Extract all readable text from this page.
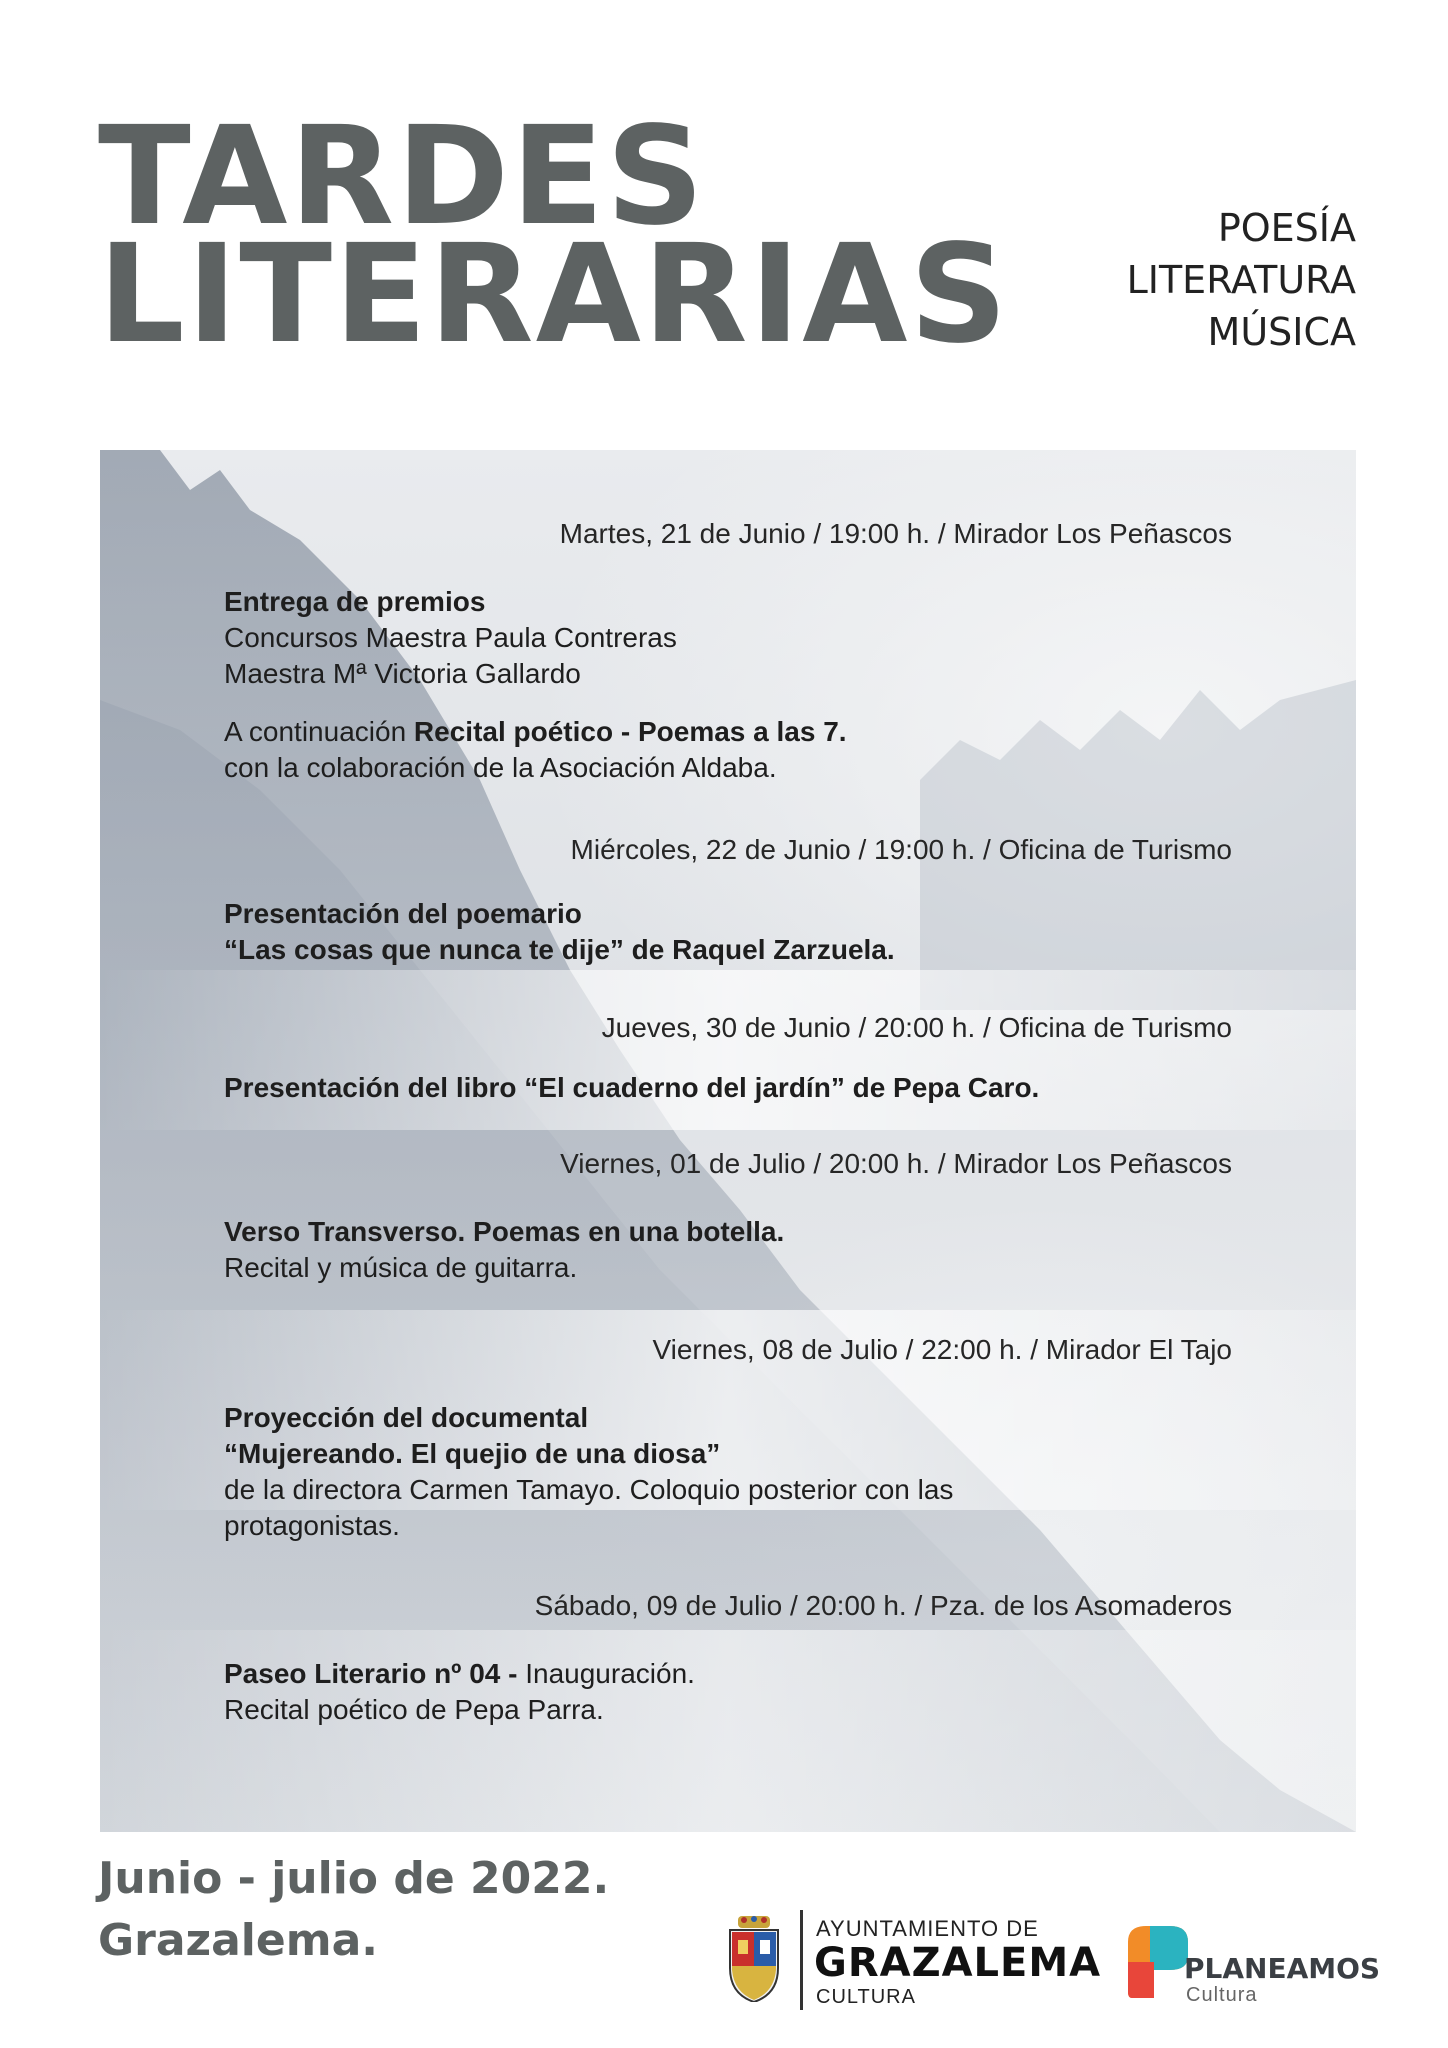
TARDES
LITERARIAS	POESÍA
LITERATURA
MÚSICA
Martes, 21 de Junio / 19:00 h. / Mirador Los Peñascos

Entrega de premios

Concursos Maestra Paula Contreras

Maestra Mª Victoria Gallardo

A continuación Recital poético - Poemas a las 7.

con la colaboración de la Asociación Aldaba.

Miércoles, 22 de Junio / 19:00 h. / Oficina de Turismo

Presentación del poemario

“Las cosas que nunca te dije” de Raquel Zarzuela.

Jueves, 30 de Junio / 20:00 h. / Oficina de Turismo

Presentación del libro “El cuaderno del jardín” de Pepa Caro.

Viernes, 01 de Julio / 20:00 h. / Mirador Los Peñascos

Verso Transverso. Poemas en una botella.

Recital y música de guitarra.

Viernes, 08 de Julio / 22:00 h. / Mirador El Tajo

Proyección del documental

“Mujereando. El quejio de una diosa”

de la directora Carmen Tamayo. Coloquio posterior con las

protagonistas.

Sábado, 09 de Julio / 20:00 h. / Pza. de los Asomaderos

Paseo Literario nº 04 - Inauguración.

Recital poético de Pepa Parra.

Junio - julio de 2022.
Grazalema.	AYUNTAMIENTO DE
GRAZALEMA
CULTURA
PLANEAMOS
Cultura
